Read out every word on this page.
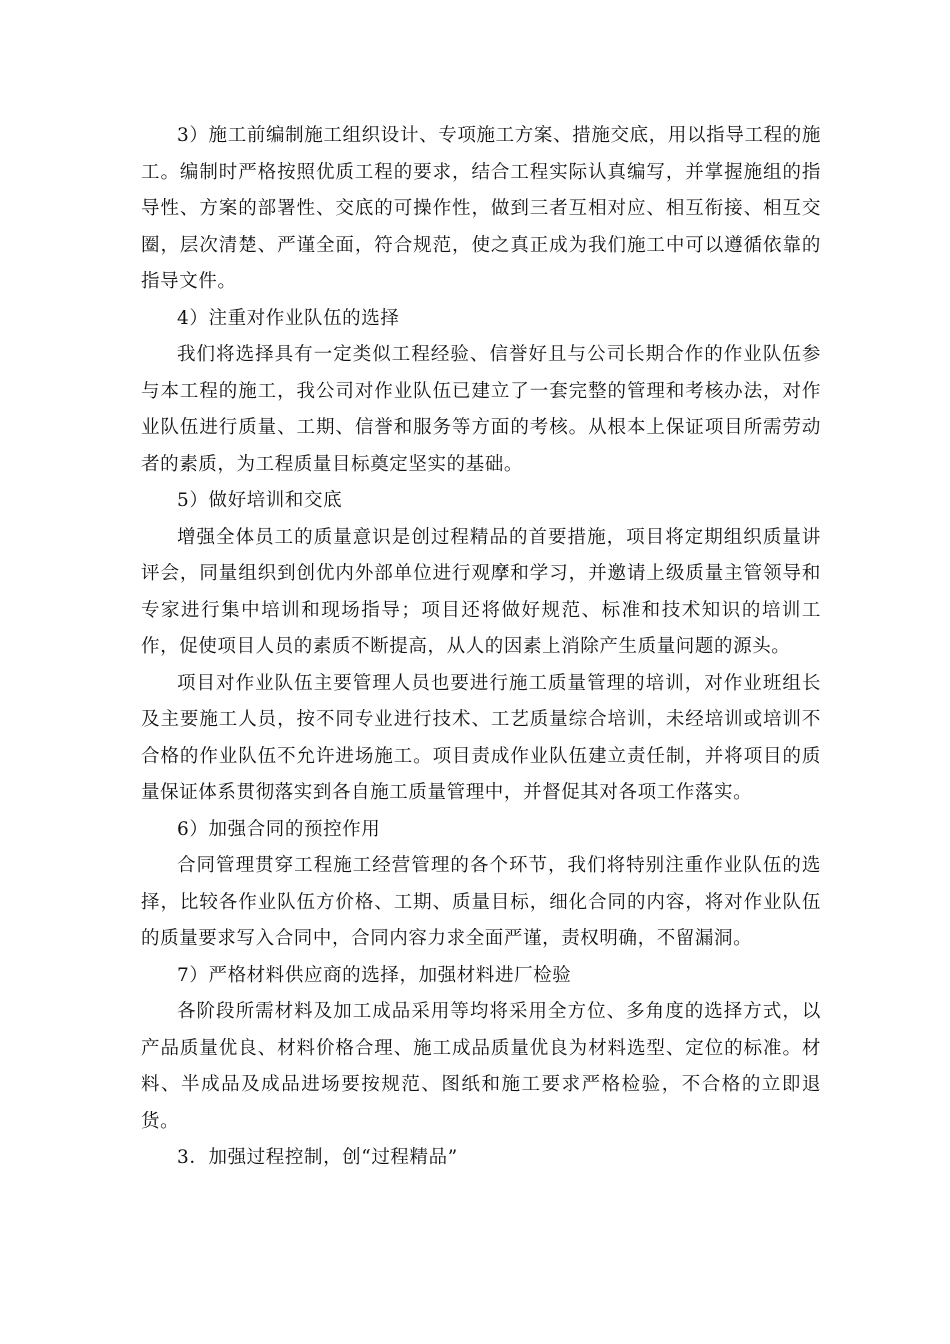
3）施工前编制施工组织设计、专项施工方案、措施交底，用以指导工程的施工。编制时严格按照优质工程的要求，结合工程实际认真编写，并掌握施组的指导性、方案的部署性、交底的可操作性，做到三者互相对应、相互衔接、相互交圈，层次清楚、严谨全面，符合规范，使之真正成为我们施工中可以遵循依靠的指导文件。

4）注重对作业队伍的选择

我们将选择具有一定类似工程经验、信誉好且与公司长期合作的作业队伍参与本工程的施工，我公司对作业队伍已建立了一套完整的管理和考核办法，对作业队伍进行质量、工期、信誉和服务等方面的考核。从根本上保证项目所需劳动者的素质，为工程质量目标奠定坚实的基础。

5）做好培训和交底

增强全体员工的质量意识是创过程精品的首要措施，项目将定期组织质量讲评会，同量组织到创优内外部单位进行观摩和学习，并邀请上级质量主管领导和专家进行集中培训和现场指导；项目还将做好规范、标准和技术知识的培训工作，促使项目人员的素质不断提高，从人的因素上消除产生质量问题的源头。

项目对作业队伍主要管理人员也要进行施工质量管理的培训，对作业班组长及主要施工人员，按不同专业进行技术、工艺质量综合培训，未经培训或培训不合格的作业队伍不允许进场施工。项目责成作业队伍建立责任制，并将项目的质量保证体系贯彻落实到各自施工质量管理中，并督促其对各项工作落实。

6）加强合同的预控作用

合同管理贯穿工程施工经营管理的各个环节，我们将特别注重作业队伍的选择，比较各作业队伍方价格、工期、质量目标，细化合同的内容，将对作业队伍的质量要求写入合同中，合同内容力求全面严谨，责权明确，不留漏洞。

7）严格材料供应商的选择，加强材料进厂检验

各阶段所需材料及加工成品采用等均将采用全方位、多角度的选择方式，以产品质量优良、材料价格合理、施工成品质量优良为材料选型、定位的标准。材料、半成品及成品进场要按规范、图纸和施工要求严格检验，不合格的立即退货。

3．加强过程控制，创“过程精品”
